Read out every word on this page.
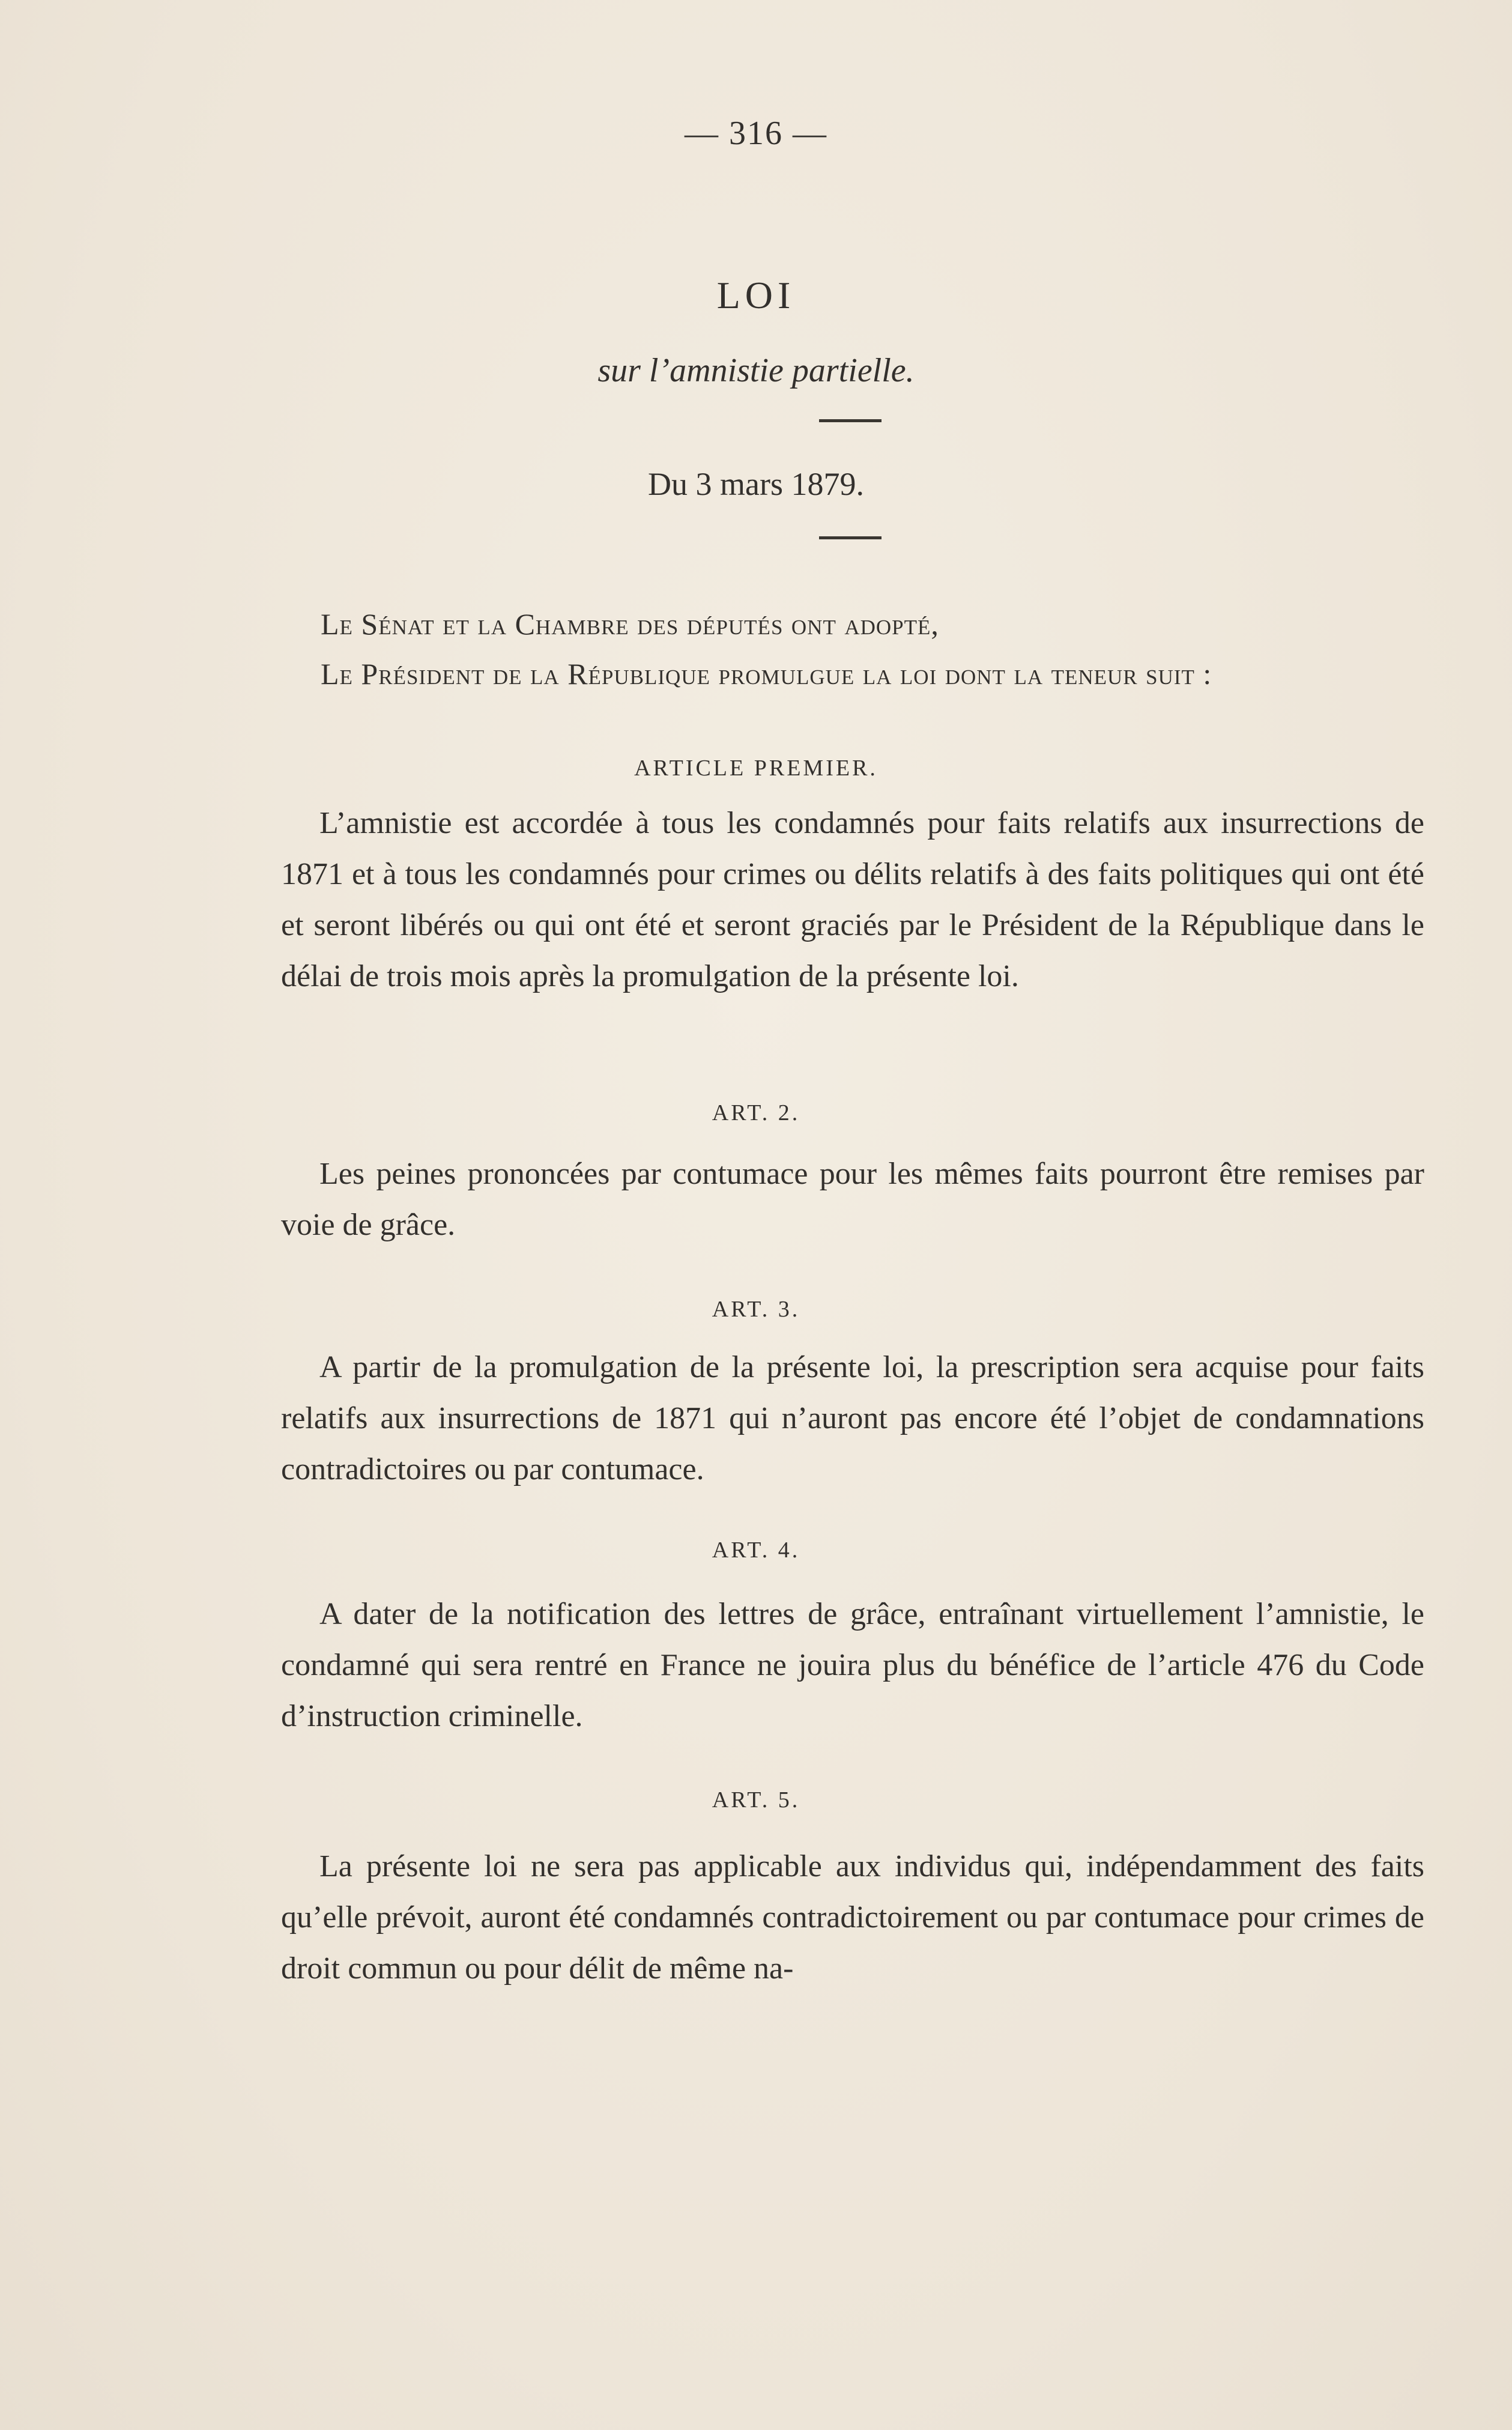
— 316 —
LOI
sur l’amnistie partielle.
Du 3 mars 1879.
Le Sénat et la Chambre des députés ont adopté,
Le Président de la République promulgue la loi dont la teneur suit :
ARTICLE PREMIER.
L’amnistie est accordée à tous les condamnés pour faits relatifs aux insurrections de 1871 et à tous les condamnés pour crimes ou délits relatifs à des faits politiques qui ont été et seront libérés ou qui ont été et seront graciés par le Président de la République dans le délai de trois mois après la promulgation de la présente loi.
ART. 2.
Les peines prononcées par contumace pour les mêmes faits pourront être remises par voie de grâce.
ART. 3.
A partir de la promulgation de la présente loi, la prescription sera acquise pour faits relatifs aux insurrections de 1871 qui n’auront pas encore été l’objet de condamnations contradictoires ou par contumace.
ART. 4.
A dater de la notification des lettres de grâce, entraînant virtuellement l’amnistie, le condamné qui sera rentré en France ne jouira plus du bénéfice de l’article 476 du Code d’instruction criminelle.
ART. 5.
La présente loi ne sera pas applicable aux individus qui, indépendamment des faits qu’elle prévoit, auront été condamnés contradictoirement ou par contumace pour crimes de droit commun ou pour délit de même na-
